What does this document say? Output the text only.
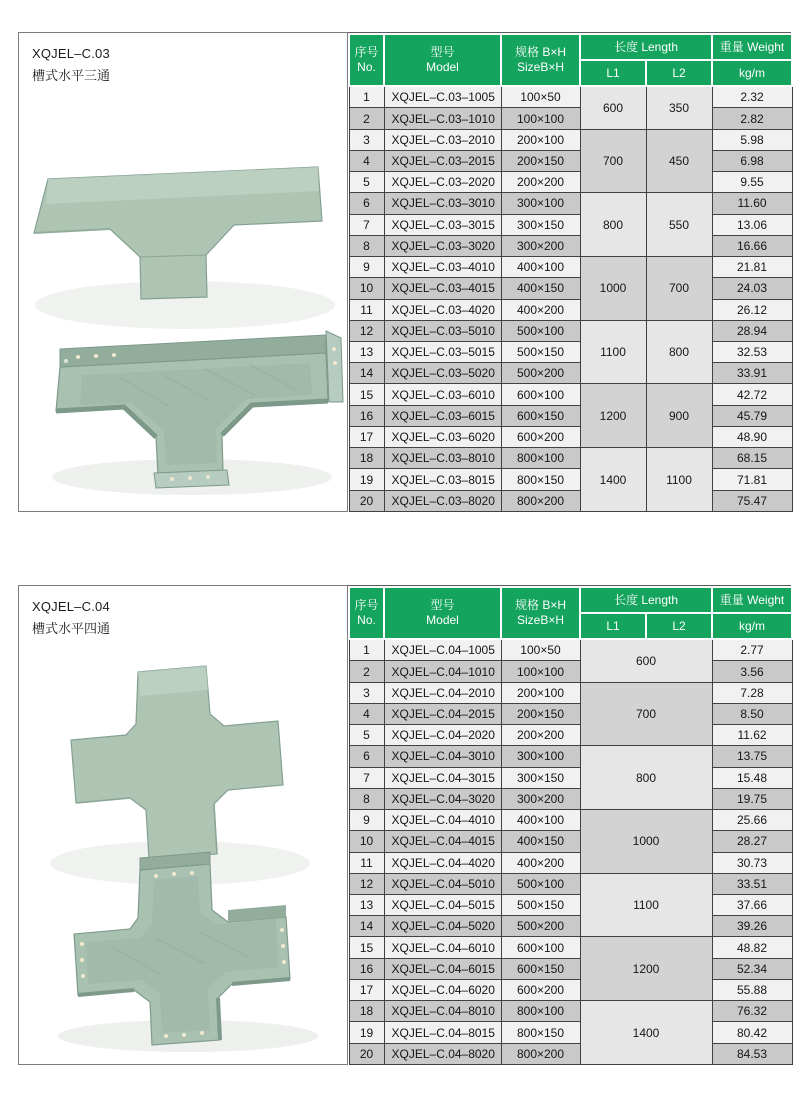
XQJEL–C.03
槽式水平三通
序号
No.	型号
Model	规格 B×H
SizeB×H	长度 Length		重量 Weight
			L1	L2	kg/m
1	XQJEL–C.03–1005	100×50	600	350	2.32
2	XQJEL–C.03–1010	100×100			2.82
3	XQJEL–C.03–2010	200×100	700	450	5.98
4	XQJEL–C.03–2015	200×150			6.98
5	XQJEL–C.03–2020	200×200			9.55
6	XQJEL–C.03–3010	300×100	800	550	11.60
7	XQJEL–C.03–3015	300×150			13.06
8	XQJEL–C.03–3020	300×200			16.66
9	XQJEL–C.03–4010	400×100	1000	700	21.81
10	XQJEL–C.03–4015	400×150			24.03
11	XQJEL–C.03–4020	400×200			26.12
12	XQJEL–C.03–5010	500×100	1100	800	28.94
13	XQJEL–C.03–5015	500×150			32.53
14	XQJEL–C.03–5020	500×200			33.91
15	XQJEL–C.03–6010	600×100	1200	900	42.72
16	XQJEL–C.03–6015	600×150			45.79
17	XQJEL–C.03–6020	600×200			48.90
18	XQJEL–C.03–8010	800×100	1400	1100	68.15
19	XQJEL–C.03–8015	800×150			71.81
20	XQJEL–C.03–8020	800×200			75.47
XQJEL–C.04
槽式水平四通
序号
No.	型号
Model	规格 B×H
SizeB×H	长度 Length		重量 Weight
			L1	L2	kg/m
1	XQJEL–C.04–1005	100×50	600		2.77
2	XQJEL–C.04–1010	100×100			3.56
3	XQJEL–C.04–2010	200×100	700		7.28
4	XQJEL–C.04–2015	200×150			8.50
5	XQJEL–C.04–2020	200×200			11.62
6	XQJEL–C.04–3010	300×100	800		13.75
7	XQJEL–C.04–3015	300×150			15.48
8	XQJEL–C.04–3020	300×200			19.75
9	XQJEL–C.04–4010	400×100	1000		25.66
10	XQJEL–C.04–4015	400×150			28.27
11	XQJEL–C.04–4020	400×200			30.73
12	XQJEL–C.04–5010	500×100	1100		33.51
13	XQJEL–C.04–5015	500×150			37.66
14	XQJEL–C.04–5020	500×200			39.26
15	XQJEL–C.04–6010	600×100	1200		48.82
16	XQJEL–C.04–6015	600×150			52.34
17	XQJEL–C.04–6020	600×200			55.88
18	XQJEL–C.04–8010	800×100	1400		76.32
19	XQJEL–C.04–8015	800×150			80.42
20	XQJEL–C.04–8020	800×200			84.53
